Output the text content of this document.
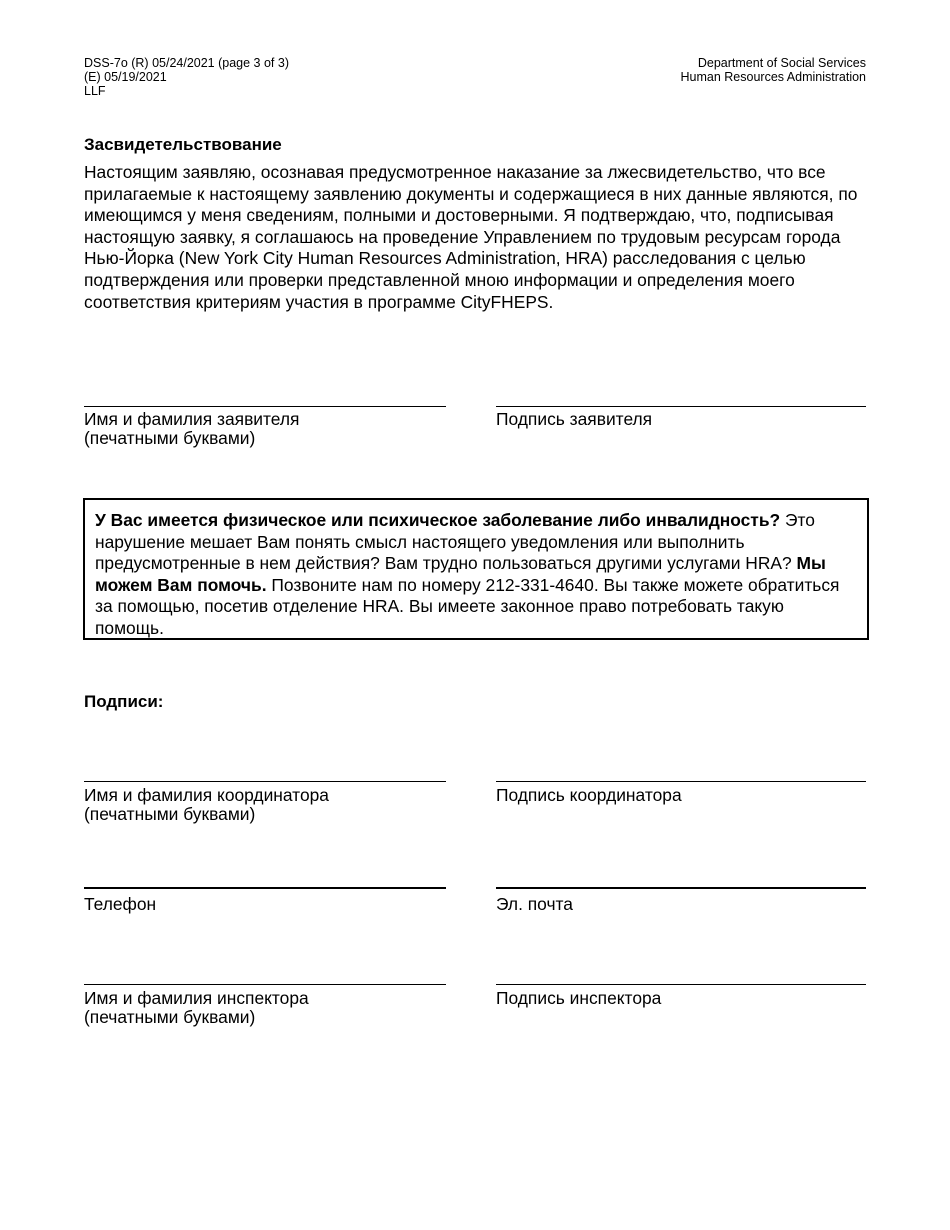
DSS-7o (R) 05/24/2021 (page 3 of 3)
(E) 05/19/2021
LLF
Department of Social Services
Human Resources Administration
Засвидетельствование
Настоящим заявляю, осознавая предусмотренное наказание за лжесвидетельство, что все прилагаемые к настоящему заявлению документы и содержащиеся в них данные являются, по имеющимся у меня сведениям, полными и достоверными. Я подтверждаю, что, подписывая настоящую заявку, я соглашаюсь на проведение Управлением по трудовым ресурсам города Нью-Йорка (New York City Human Resources Administration, HRA) расследования с целью подтверждения или проверки представленной мною информации и определения моего соответствия критериям участия в программе CityFHEPS.
Имя и фамилия заявителя
(печатными буквами)
Подпись заявителя
У Вас имеется физическое или психическое заболевание либо инвалидность? Это нарушение мешает Вам понять смысл настоящего уведомления или выполнить предусмотренные в нем действия? Вам трудно пользоваться другими услугами HRA? Мы можем Вам помочь. Позвоните нам по номеру 212-331-4640. Вы также можете обратиться за помощью, посетив отделение HRA. Вы имеете законное право потребовать такую помощь.
Подписи:
Имя и фамилия координатора
(печатными буквами)
Подпись координатора
Телефон	Эл. почта
Имя и фамилия инспектора
(печатными буквами)
Подпись инспектора
